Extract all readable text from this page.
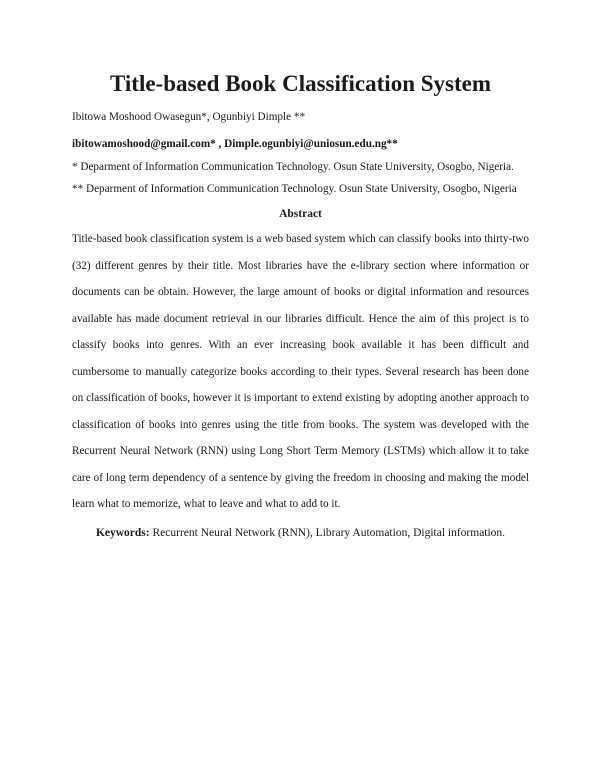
Title-based Book Classification System
Ibitowa Moshood Owasegun*, Ogunbiyi Dimple **
ibitowamoshood@gmail.com* , Dimple.ogunbiyi@uniosun.edu.ng**
* Deparment of Information Communication Technology. Osun State University, Osogbo, Nigeria.
** Deparment of Information Communication Technology. Osun State University, Osogbo, Nigeria
Abstract
Title-based book classification system is a web based system which can classify books into thirty-two (32) different genres by their title. Most libraries have the e-library section where information or documents can be obtain. However, the large amount of books or digital information and resources available has made document retrieval in our libraries difficult. Hence the aim of this project is to classify books into genres. With an ever increasing book available it has been difficult and cumbersome to manually categorize books according to their types. Several research has been done on classification of books, however it is important to extend existing by adopting another approach to classification of books into genres using the title from books. The system was developed with the Recurrent Neural Network (RNN) using Long Short Term Memory (LSTMs) which allow it to take care of long term dependency of a sentence by giving the freedom in choosing and making the model learn what to memorize, what to leave and what to add to it.
Keywords: Recurrent Neural Network (RNN), Library Automation, Digital information.
